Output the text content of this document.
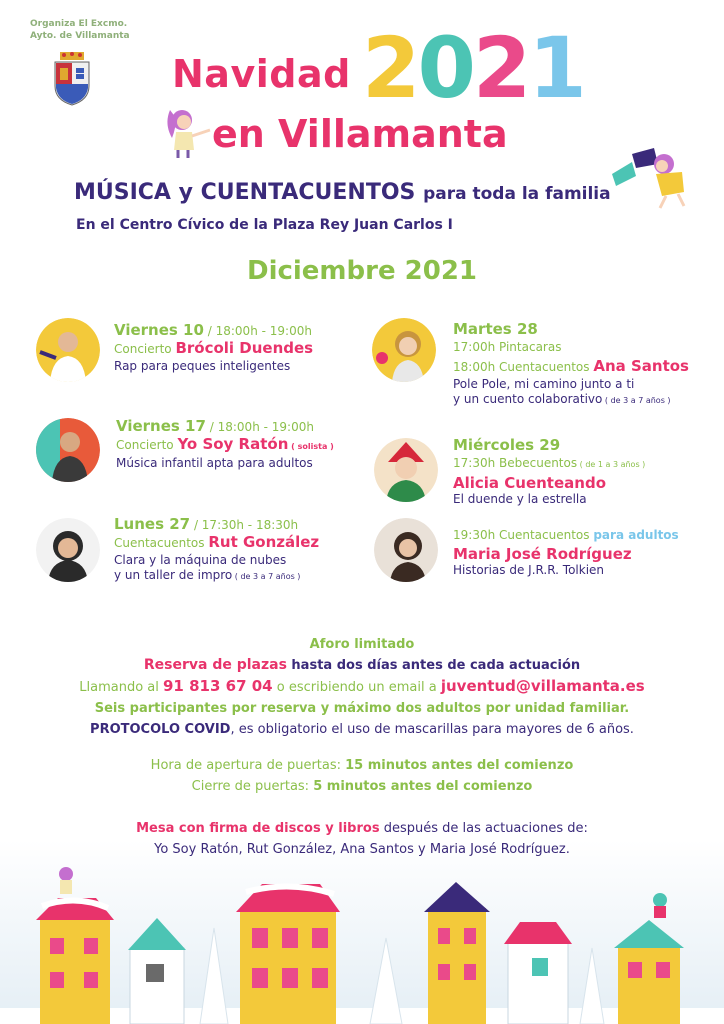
Organiza El Excmo.
Ayto. de Villamanta
Navidad 2021
en Villamanta
MÚSICA y CUENTACUENTOS para toda la familia
En el Centro Cívico de la Plaza Rey Juan Carlos I
Diciembre 2021
Viernes 10 / 18:00h - 19:00h
Concierto Brócoli Duendes
Rap para peques inteligentes
Viernes 17 / 18:00h - 19:00h
Concierto Yo Soy Ratón ( solista )
Música infantil apta para adultos
Lunes 27 / 17:30h - 18:30h
Cuentacuentos Rut González
Clara y la máquina de nubes
y un taller de impro ( de 3 a 7 años )
Martes 28
17:00h Pintacaras
18:00h Cuentacuentos Ana Santos
Pole Pole, mi camino junto a ti
y un cuento colaborativo ( de 3 a 7 años )
Miércoles 29
17:30h Bebecuentos ( de 1 a 3 años )
Alicia Cuenteando
El duende y la estrella
19:30h Cuentacuentos para adultos
Maria José Rodríguez
Historias de J.R.R. Tolkien
Aforo limitado
Reserva de plazas hasta dos días antes de cada actuación
Llamando al 91 813 67 04 o escribiendo un email a juventud@villamanta.es
Seis participantes por reserva y máximo dos adultos por unidad familiar.
PROTOCOLO COVID, es obligatorio el uso de mascarillas para mayores de 6 años.
Hora de apertura de puertas: 15 minutos antes del comienzo
Cierre de puertas: 5 minutos antes del comienzo
Mesa con firma de discos y libros después de las actuaciones de:
Yo Soy Ratón, Rut González, Ana Santos y Maria José Rodríguez.
